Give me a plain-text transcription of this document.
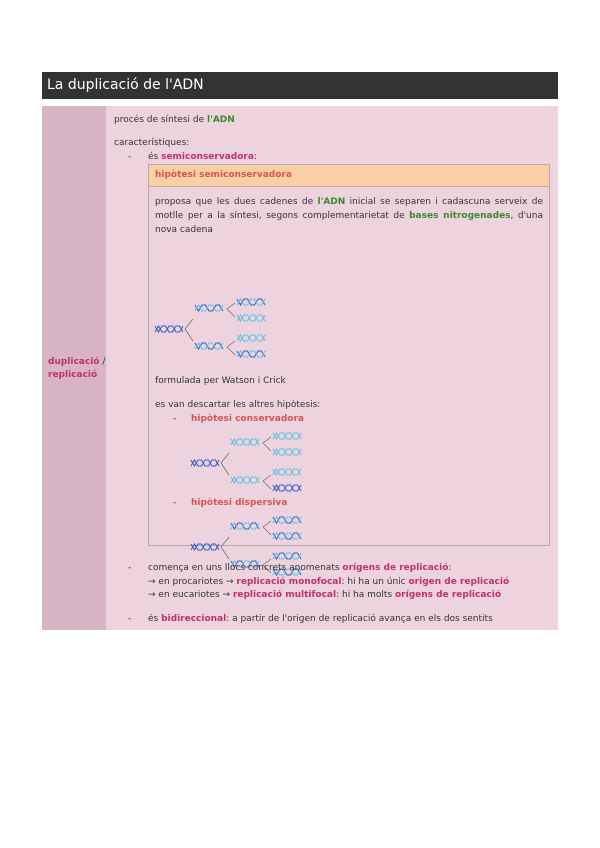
La duplicació de l'ADN
duplicació /
replicació
procés de síntesi de l'ADN
característiques:
- és semiconservadora:
hipòtesi semiconservadora
proposa que les dues cadenes de l'ADN inicial se separen i cadascuna serveix de motlle per a la síntesi, segons complementarietat de bases nitrogenades, d'una nova cadena
formulada per Watson i Crick
es van descartar les altres hipòtesis:
- hipòtesi conservadora
- hipòtesi dispersiva
- comença en uns llocs concrets anomenats orígens de replicació:
→ en procariotes → replicació monofocal: hi ha un únic origen de replicació
→ en eucariotes → replicació multifocal: hi ha molts orígens de replicació
- és bidireccional: a partir de l'origen de replicació avança en els dos sentits
